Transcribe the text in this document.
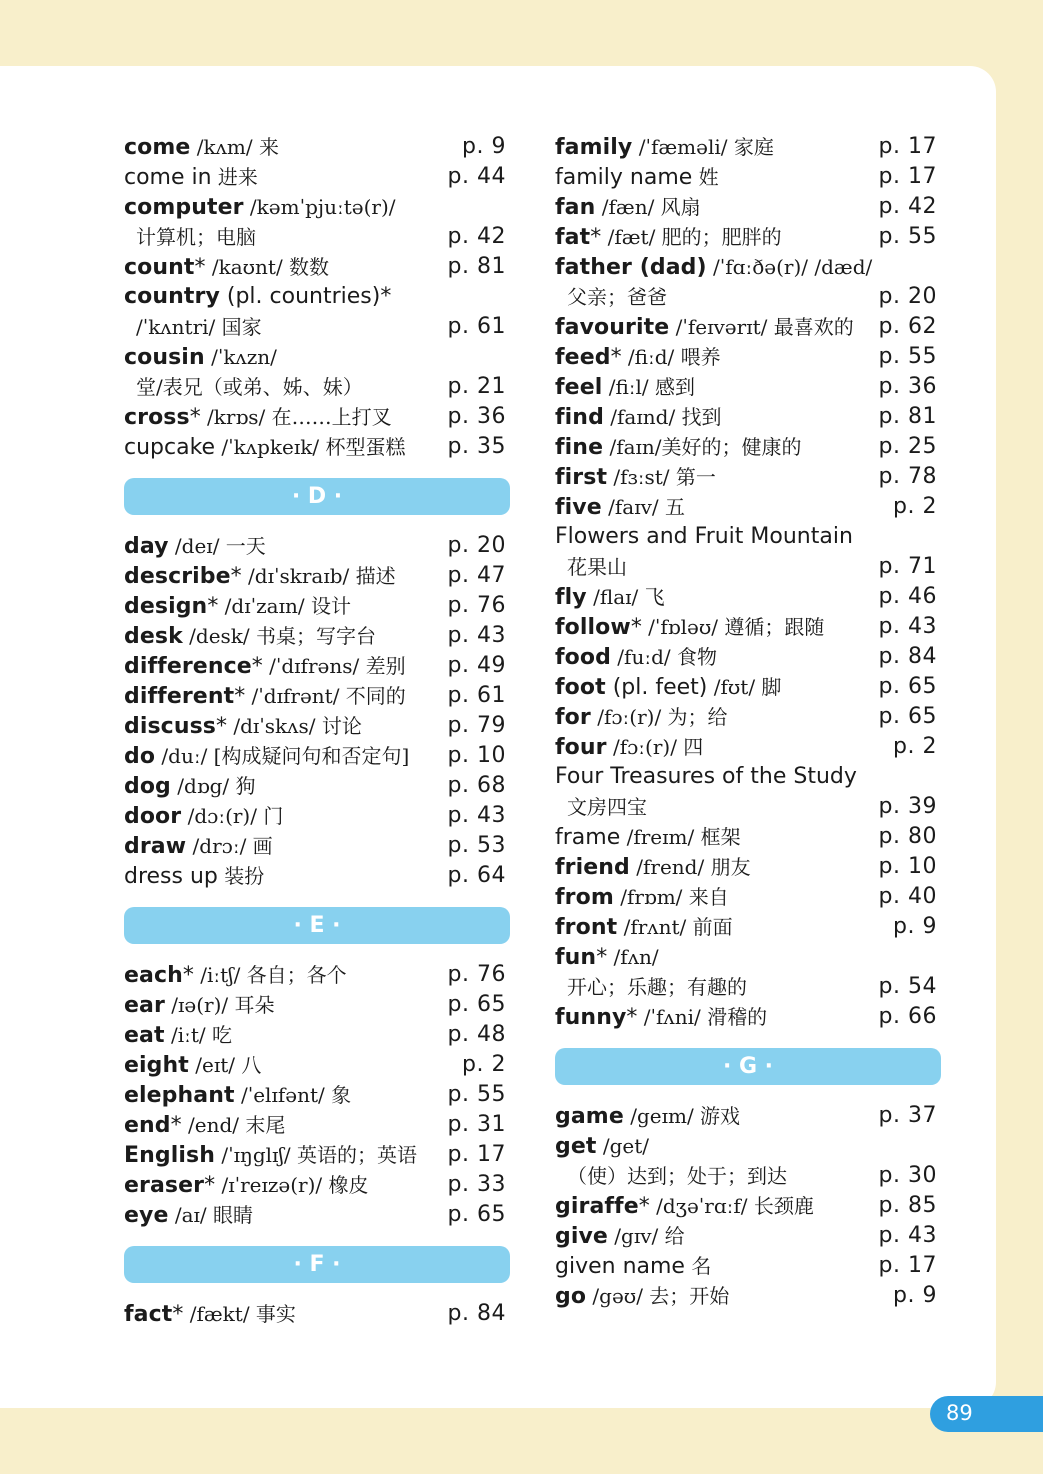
come /kʌm/ 来	p. 9
come in 进来	p. 44
computer /kəmˈpjuːtə(r)/
计算机；电脑	p. 42
count* /kaʊnt/ 数数	p. 81
country (pl. countries)*
/ˈkʌntri/ 国家	p. 61
cousin /ˈkʌzn/
堂/表兄（或弟、姊、妹）	p. 21
cross* /krɒs/ 在……上打叉	p. 36
cupcake /ˈkʌpkeɪk/ 杯型蛋糕 p. 35
· D ·
day /deɪ/ 一天	p. 20
describe* /dɪˈskraɪb/ 描述 p. 47
design* /dɪˈzaɪn/ 设计	p. 76
desk /desk/ 书桌；写字台	p. 43
difference* /ˈdɪfrəns/ 差别 p. 49
different* /ˈdɪfrənt/ 不同的 p. 61
discuss* /dɪˈskʌs/ 讨论	p. 79
do /duː/ [构成疑问句和否定句] p. 10
dog /dɒg/ 狗	p. 68
door /dɔː(r)/ 门	p. 43
draw /drɔː/ 画	p. 53
dress up 装扮	p. 64
· E ·
each* /iːtʃ/ 各自；各个	p. 76
ear /ɪə(r)/ 耳朵	p. 65
eat /iːt/ 吃	p. 48
eight /eɪt/ 八	p. 2
elephant /ˈelɪfənt/ 象	p. 55
end* /end/ 末尾	p. 31
English /ˈɪŋglɪʃ/ 英语的；英语 p. 17
eraser* /ɪˈreɪzə(r)/ 橡皮	p. 33
eye /aɪ/ 眼睛	p. 65
· F ·
fact* /fækt/ 事实	p. 84
family /ˈfæməli/ 家庭	p. 17
family name 姓	p. 17
fan /fæn/ 风扇	p. 42
fat* /fæt/ 肥的；肥胖的	p. 55
father (dad) /ˈfɑːðə(r)/ /dæd/
父亲；爸爸	p. 20
favourite /ˈfeɪvərɪt/ 最喜欢的 p. 62
feed* /fiːd/ 喂养	p. 55
feel /fiːl/ 感到	p. 36
find /faɪnd/ 找到	p. 81
fine /faɪn/美好的；健康的	p. 25
first /fɜːst/ 第一	p. 78
five /faɪv/ 五	p. 2
Flowers and Fruit Mountain
花果山	p. 71
fly /flaɪ/ 飞	p. 46
follow* /ˈfɒləʊ/ 遵循；跟随 p. 43
food /fuːd/ 食物	p. 84
foot (pl. feet) /fʊt/ 脚	p. 65
for /fɔː(r)/ 为；给	p. 65
four /fɔː(r)/ 四	p. 2
Four Treasures of the Study
文房四宝	p. 39
frame /freɪm/ 框架	p. 80
friend /frend/ 朋友	p. 10
from /frɒm/ 来自	p. 40
front /frʌnt/ 前面	p. 9
fun* /fʌn/
开心；乐趣；有趣的	p. 54
funny* /ˈfʌni/ 滑稽的	p. 66
· G ·
game /geɪm/ 游戏	p. 37
get /get/
（使）达到；处于；到达	p. 30
giraffe* /dʒəˈrɑːf/ 长颈鹿	p. 85
give /gɪv/ 给	p. 43
given name 名	p. 17
go /gəʊ/ 去；开始	p. 9
89
